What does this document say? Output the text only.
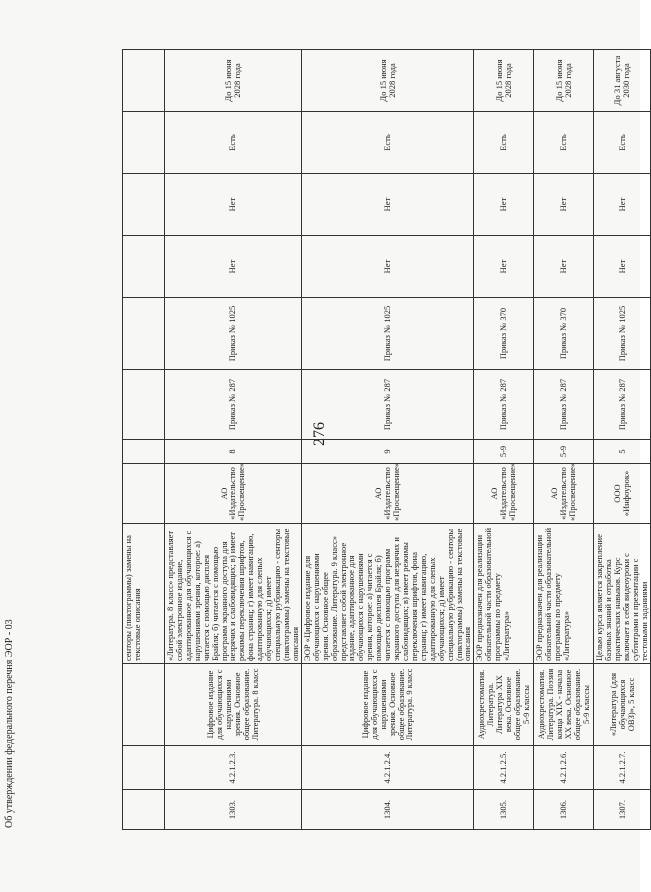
276
Об утверждении федерального перечня ЭОР - 03
			сенторы (пиктограммы) замены на текстовые описания								
1303.	4.2.1.2.3.	Цифровое издание для обучающихся с нарушениями зрения. Основное общее образование. Литература. 8 класс	«Литература. 8 класс» представляет собой электронное издание, адаптированное для обучающихся с нарушениями зрения, которое: а) читается с помощью дисплея Брайля; б) читается с помощью программ экранного доступа для незрячих и слабовидящих; в) имеет режимы переключения шрифтов, фона страниц; г) имеет навигацию, адаптированную для слепых обучающихся; д) имеет специальную рубрикацию - сенторы (пиктограммы) замены на текстовые описания	АО «Издательство «Просвещение»	8	Приказ № 287	Приказ № 1025	Нет	Нет	Есть	До 15 июня 2028 года
1304.	4.2.1.2.4.	Цифровое издание для обучающихся с нарушениями зрения. Основное общее образование. Литература. 9 класс	ЭОР «Цифровое издание для обучающихся с нарушениями зрения. Основное общее образование. Литература. 9 класс» представляет собой электронное издание, адаптированное для обучающихся с нарушениями зрения, которое: а) читается с помощью дисплея Брайля; б) читается с помощью программ экранного доступа для незрячих и слабовидящих; в) имеет режимы переключения шрифтов, фона страниц; г) имеет навигацию, адаптированную для слепых обучающихся; д) имеет специальную рубрикацию - сенторы (пиктограммы) замены на текстовые описания	АО «Издательство «Просвещение»	9	Приказ № 287	Приказ № 1025	Нет	Нет	Есть	До 15 июня 2028 года
1305.	4.2.1.2.5.	Аудиохрестоматия. Литература. Литература XIX века. Основное общее образование. 5-9 классы	ЭОР предназначен для реализации обязательной части образовательной программы по предмету «Литература»	АО «Издательство «Просвещение»	5-9	Приказ № 287	Приказ № 370	Нет	Нет	Есть	До 15 июня 2028 года
1306.	4.2.1.2.6.	Аудиохрестоматия. Литература. Поэзия конца XIX - начала XX века. Основное общее образование. 5-9 классы	ЭОР предназначен для реализации обязательной части образовательной программы по предмету «Литература»	АО «Издательство «Просвещение»	5-9	Приказ № 287	Приказ № 370	Нет	Нет	Есть	До 15 июня 2028 года
1307.	4.2.1.2.7.	«Литература (для обучающихся ОВЗ)», 5 класс	Целью курса является закрепление базовых знаний и отработка практических навыков. Курс включает в себя видеоуроки с субтитрами и презентации с тестовыми заданиями	ООО «Инфоурок»	5	Приказ № 287	Приказ № 1025	Нет	Нет	Есть	До 31 августа 2030 года
